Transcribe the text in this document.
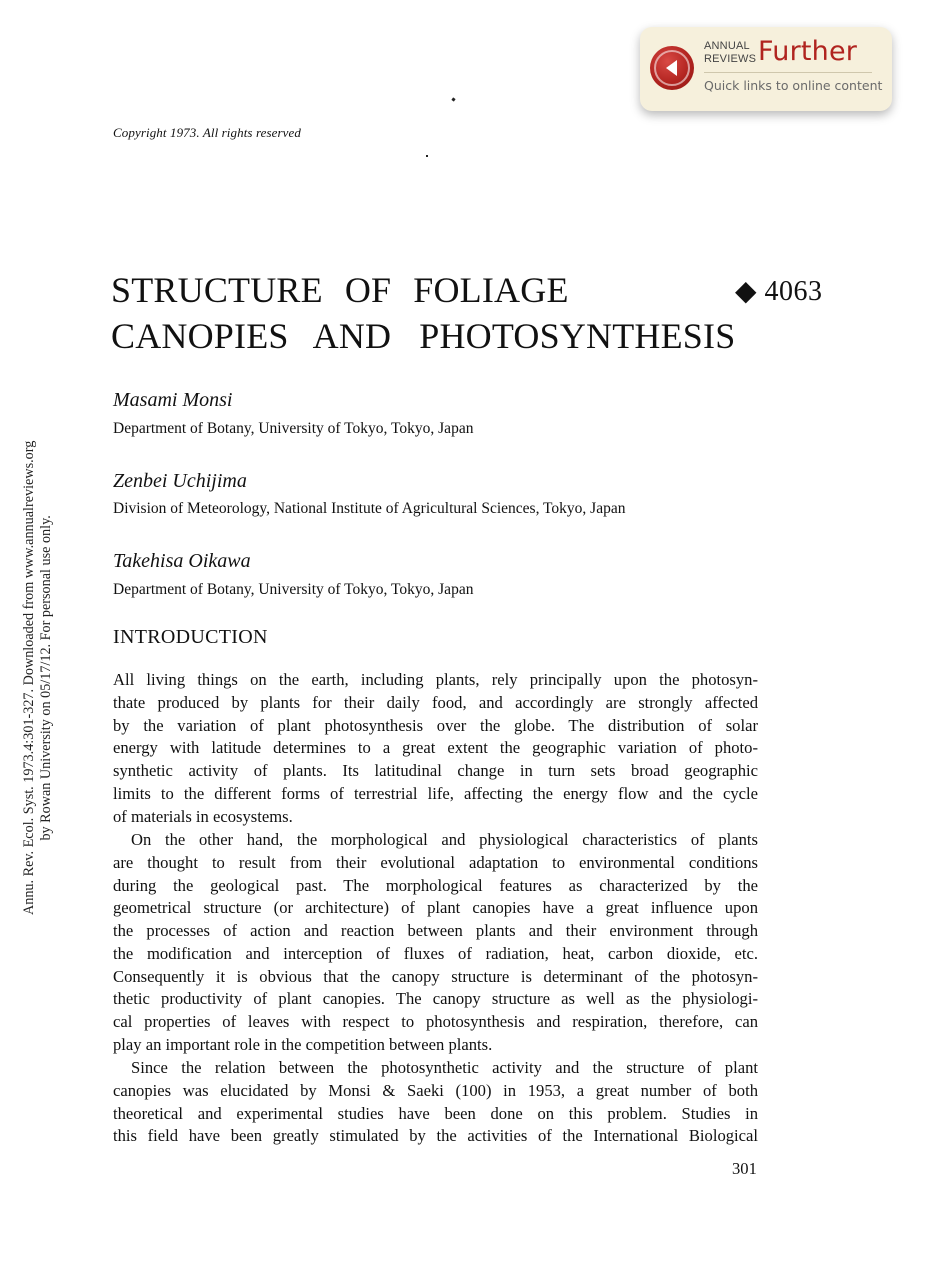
ANNUAL
REVIEWS Further
Quick links to online content
Annu. Rev. Ecol. Syst. 1973.4:301-327. Downloaded from www.annualreviews.org by Rowan University on 05/17/12. For personal use only.
Copyright 1973. All rights reserved
STRUCTURE OF FOLIAGE
CANOPIES AND PHOTOSYNTHESIS
◆ 4063
Masami Monsi
Department of Botany, University of Tokyo, Tokyo, Japan
Zenbei Uchijima
Division of Meteorology, National Institute of Agricultural Sciences, Tokyo, Japan
Takehisa Oikawa
Department of Botany, University of Tokyo, Tokyo, Japan
INTRODUCTION
All living things on the earth, including plants, rely principally upon the photosyn-
thate produced by plants for their daily food, and accordingly are strongly affected
by the variation of plant photosynthesis over the globe. The distribution of solar
energy with latitude determines to a great extent the geographic variation of photo-
synthetic activity of plants. Its latitudinal change in turn sets broad geographic
limits to the different forms of terrestrial life, affecting the energy flow and the cycle
of materials in ecosystems.
On the other hand, the morphological and physiological characteristics of plants
are thought to result from their evolutional adaptation to environmental conditions
during the geological past. The morphological features as characterized by the
geometrical structure (or architecture) of plant canopies have a great influence upon
the processes of action and reaction between plants and their environment through
the modification and interception of fluxes of radiation, heat, carbon dioxide, etc.
Consequently it is obvious that the canopy structure is determinant of the photosyn-
thetic productivity of plant canopies. The canopy structure as well as the physiologi-
cal properties of leaves with respect to photosynthesis and respiration, therefore, can
play an important role in the competition between plants.
Since the relation between the photosynthetic activity and the structure of plant
canopies was elucidated by Monsi & Saeki (100) in 1953, a great number of both
theoretical and experimental studies have been done on this problem. Studies in
this field have been greatly stimulated by the activities of the International Biological
301
